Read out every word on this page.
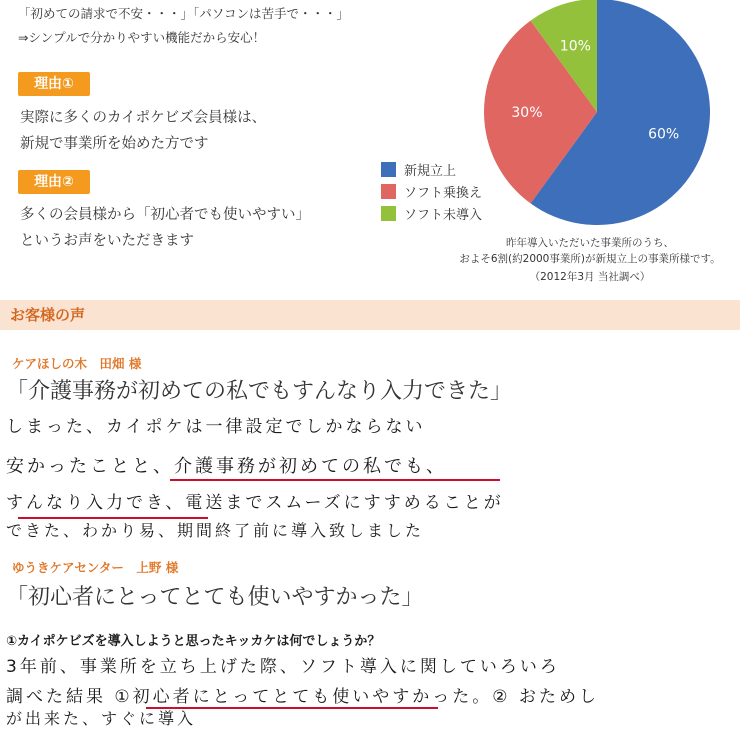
「初めての請求で不安・・・」「パソコンは苦手で・・・」
⇒シンプルで分かりやすい機能だから安心！
理由①
実際に多くのカイポケビズ会員様は、
新規で事業所を始めた方です
理由②
多くの会員様から「初心者でも使いやすい」
というお声をいただきます
新規立上
ソフト乗換え
ソフト未導入
60%
30%
10%
昨年導入いただいた事業所のうち、
およそ6割(約2000事業所)が新規立上の事業所様です。
（2012年3月 当社調べ）
お客様の声
ケアほしの木　田畑 様
「介護事務が初めての私でもすんなり入力できた」
しまった、カイポケは一律設定でしかならない
安かったことと、介護事務が初めての私でも、
すんなり入力でき、電送までスムーズにすすめることが
できた、わかり易、期間終了前に導入致しました
ゆうきケアセンター　上野 様
「初心者にとってとても使いやすかった」
①カイポケビズを導入しようと思ったキッカケは何でしょうか？
3年前、事業所を立ち上げた際、ソフト導入に関していろいろ
調べた結果 ①初心者にとってとても使いやすかった。② おためし
が出来た、すぐに導入
